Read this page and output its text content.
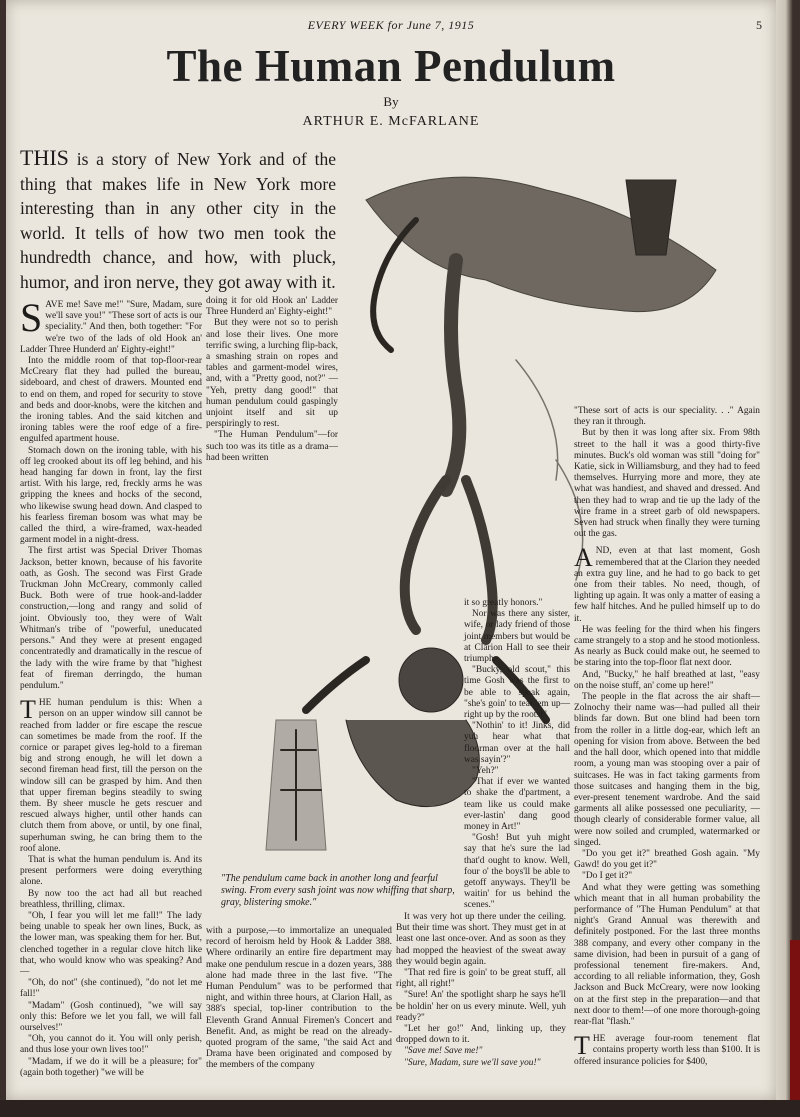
EVERY WEEK for June 7, 1915	5
The Human Pendulum
By
ARTHUR E. McFARLANE
THIS is a story of New York and of the thing that makes life in New York more interesting than in any other city in the world. It tells of how two men took the hundredth chance, and how, with pluck, humor, and iron nerve, they got away with it.
"The pendulum came back in another long and fearful swing. From every sash joint was now whiffing that sharp, gray, blistering smoke."

SAVE me! Save me!" "Sure, Madam, sure we'll save you!" "These sort of acts is our speciality." And then, both together: "For we're two of the lads of old Hook an' Ladder Three Hunderd an' Eighty-eight!"

Into the middle room of that top-floor-rear McCreary flat they had pulled the bureau, sideboard, and chest of drawers. Mounted end to end on them, and roped for security to stove and beds and door-knobs, were the kitchen and the ironing tables. And the said kitchen and ironing tables were the roof edge of a fire-engulfed apartment house.

Stomach down on the ironing table, with his off leg crooked about its off leg behind, and his head hanging far down in front, lay the first artist. With his large, red, freckly arms he was gripping the knees and hocks of the second, who likewise swung head down. And clasped to his fearless fireman bosom was what may be called the third, a wire-framed, wax-headed garment model in a night-dress.

The first artist was Special Driver Thomas Jackson, better known, because of his favorite oath, as Gosh. The second was First Grade Truckman John McCreary, commonly called Buck. Both were of true hook-and-ladder construction,—long and rangy and solid of joint. Obviously too, they were of Walt Whitman's tribe of "powerful, uneducated persons." And they were at present engaged concentratedly and dramatically in the rescue of the lady with the wire frame by that "highest feat of fireman derringdo, the human pendulum."

THE human pendulum is this: When a person on an upper window sill cannot be reached from ladder or fire escape the rescue can sometimes be made from the roof. If the cornice or parapet gives leg-hold to a fireman big and strong enough, he will let down a second fireman head first, till the person on the window sill can be grasped by him. And then that upper fireman begins steadily to swing them. By sheer muscle he gets rescuer and rescued always higher, until other hands can clutch them from above, or until, by one final, superhuman swing, he can bring them to the roof alone.

That is what the human pendulum is. And its present performers were doing everything alone.

By now too the act had all but reached breathless, thrilling, climax.

"Oh, I fear you will let me fall!" The lady being unable to speak her own lines, Buck, as the lower man, was speaking them for her. But, clenched together in a regular clove hitch like that, who would know who was speaking? And—

"Oh, do not" (she continued), "do not let me fall!"

"Madam" (Gosh continued), "we will say only this: Before we let you fall, we will fall ourselves!"

"Oh, you cannot do it. You will only perish, and thus lose your own lives too!"

"Madam, if we do it will be a pleasure; for" (again both together) "we will be

doing it for old Hook an' Ladder Three Hunderd an' Eighty-eight!"

But they were not so to perish and lose their lives. One more terrific swing, a lurching flip-back, a smashing strain on ropes and tables and garment-model wires, and, with a "Pretty good, not?" — "Yeh, pretty dang good!" that human pendulum could gaspingly unjoint itself and sit up perspiringly to rest.

"The Human Pendulum"—for such too was its title as a drama—had been written

with a purpose,—to immortalize an unequaled record of heroism held by Hook & Ladder 388. Where ordinarily an entire fire department may make one pendulum rescue in a dozen years, 388 alone had made three in the last five. "The Human Pendulum" was to be performed that night, and within three hours, at Clarion Hall, as 388's special, top-liner contribution to the Eleventh Grand Annual Firemen's Concert and Benefit. And, as might be read on the already-quoted program of the same, "the said Act and Drama have been originated and composed by the members of the company

it so greatly honors."

Nor was there any sister, wife, or lady friend of those joint members but would be at Clarion Hall to see their triumph.

"Bucky, old scout," this time Gosh was the first to be able to speak again, "she's goin' to tear 'em up—right up by the roots!"

"Nothin' to it! Jinks, did yuh hear what that floorman over at the hall was sayin'?"

"Yeh?"

"That if ever we wanted to shake the d'partment, a team like us could make ever-lastin' dang good money in Art!"

"Gosh! But yuh might say that he's sure the lad that'd ought to know. Well, four o' the boys'll be able to getoff anyways. They'll be waitin' for us behind the scenes."

It was very hot up there under the ceiling. But their time was short. They must get in at least one last once-over. And as soon as they had mopped the heaviest of the sweat away they would begin again.

"That red fire is goin' to be great stuff, all right, all right!"

"Sure! An' the spotlight sharp he says he'll be holdin' her on us every minute. Well, yuh ready?"

"Let her go!" And, linking up, they dropped down to it.

"Save me! Save me!"

"Sure, Madam, sure we'll save you!"

"These sort of acts is our speciality. . ." Again they ran it through.

But by then it was long after six. From 98th street to the hall it was a good thirty-five minutes. Buck's old woman was still "doing for" Katie, sick in Williamsburg, and they had to feed themselves. Hurrying more and more, they ate what was handiest, and shaved and dressed. And then they had to wrap and tie up the lady of the wire frame in a street garb of old newspapers. Seven had struck when finally they were turning out the gas.

AND, even at that last moment, Gosh remembered that at the Clarion they needed an extra guy line, and he had to go back to get one from their tables. No need, though, of lighting up again. It was only a matter of easing a few half hitches. And he pulled himself up to do it.

He was feeling for the third when his fingers came strangely to a stop and he stood motionless. As nearly as Buck could make out, he seemed to be staring into the top-floor flat next door.

And, "Bucky," he half breathed at last, "easy on the noise stuff, an' come up here!"

The people in the flat across the air shaft—Zolnochy their name was—had pulled all their blinds far down. But one blind had been torn from the roller in a little dog-ear, which left an opening for vision from above. Between the bed and the hall door, which opened into that middle room, a young man was stooping over a pair of suitcases. He was in fact taking garments from those suitcases and hanging them in the big, ever-present tenement wardrobe. And the said garments all alike possessed one peculiarity, —though clearly of considerable former value, all were now soiled and crumpled, watermarked or singed.

"Do you get it?" breathed Gosh again. "My Gawd! do you get it?"

"Do I get it?"

And what they were getting was something which meant that in all human probability the performance of "The Human Pendulum" at that night's Grand Annual was therewith and definitely postponed. For the last three months 388 company, and every other company in the same division, had been in pursuit of a gang of professional tenement fire-makers. And, according to all reliable information, they, Gosh Jackson and Buck McCreary, were now looking on at the first step in the preparation—and that next door to them!—of one more thorough-going rear-flat "flash."

THE average four-room tenement flat contains property worth less than $100. It is offered insurance policies for $400,
